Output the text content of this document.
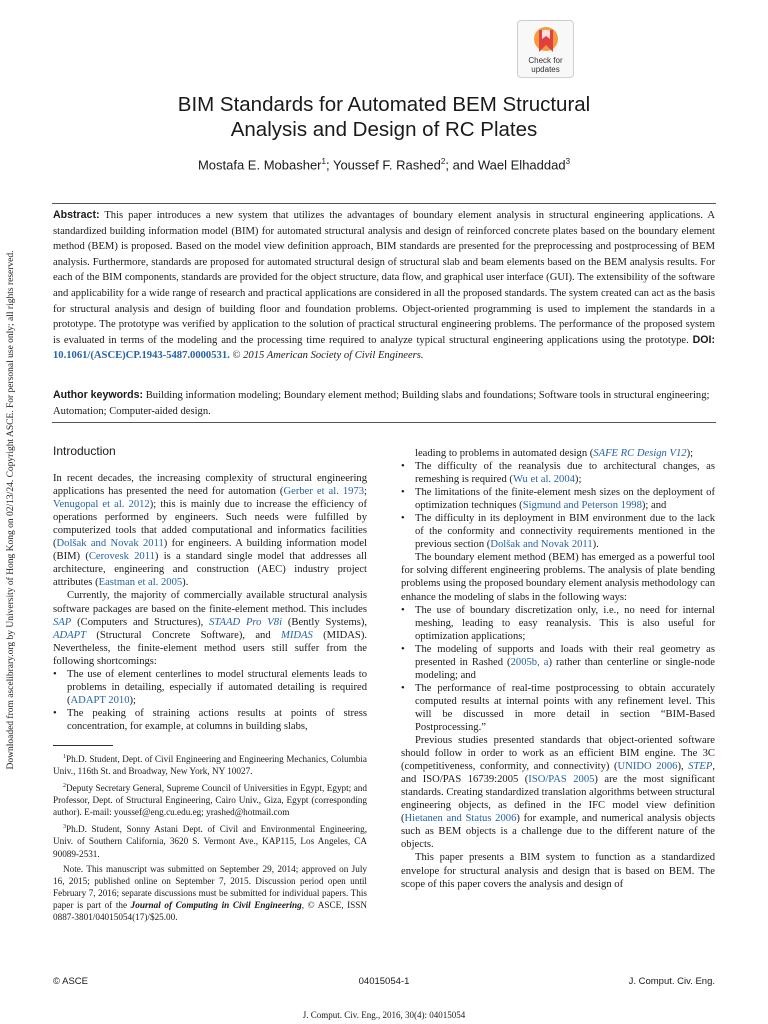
Downloaded from ascelibrary.org by University of Hong Kong on 02/13/24. Copyright ASCE. For personal use only; all rights reserved.
Check for
updates
BIM Standards for Automated BEM Structural
Analysis and Design of RC Plates
Mostafa E. Mobasher$^1$; Youssef F. Rashed$^2$; and Wael Elhaddad$^3$

Abstract: This paper introduces a new system that utilizes the advantages of boundary element analysis in structural engineering applications. A standardized building information model (BIM) for automated structural analysis and design of reinforced concrete plates based on the boundary element method (BEM) is proposed. Based on the model view definition approach, BIM standards are presented for the preprocessing and postprocessing of BEM analysis. Furthermore, standards are proposed for automated structural design of structural slab and beam elements based on the BEM analysis results. For each of the BIM components, standards are provided for the object structure, data flow, and graphical user interface (GUI). The extensibility of the software and applicability for a wide range of research and practical applications are considered in all the proposed standards. The system created can act as the basis for structural analysis and design of building floor and foundation problems. Object-oriented programming is used to implement the standards in a prototype. The prototype was verified by application to the solution of practical structural engineering problems. The performance of the proposed system is evaluated in terms of the modeling and the processing time required to analyze typical structural engineering applications using the prototype. DOI: 10.1061/(ASCE)CP.1943-5487.0000531. © 2015 American Society of Civil Engineers.

Author keywords: Building information modeling; Boundary element method; Building slabs and foundations; Software tools in structural engineering; Automation; Computer-aided design.

Introduction

In recent decades, the increasing complexity of structural engineering applications has presented the need for automation (Gerber et al. 1973; Venugopal et al. 2012); this is mainly due to increase the efficiency of operations performed by engineers. Such needs were fulfilled by computerized tools that added computational and informatics facilities (Dolšak and Novak 2011) for engineers. A building information model (BIM) (Cerovesk 2011) is a standard single model that addresses all architecture, engineering and construction (AEC) industry project attributes (Eastman et al. 2005).

Currently, the majority of commercially available structural analysis software packages are based on the finite-element method. This includes SAP (Computers and Structures), STAAD Pro V8i (Bently Systems), ADAPT (Structural Concrete Software), and MIDAS (MIDAS). Nevertheless, the finite-element method users still suffer from the following shortcomings:

• The use of element centerlines to model structural elements leads to problems in detailing, especially if automated detailing is required (ADAPT 2010);
• The peaking of straining actions results at points of stress concentration, for example, at columns in building slabs,

$^1$Ph.D. Student, Dept. of Civil Engineering and Engineering Mechanics, Columbia Univ., 116th St. and Broadway, New York, NY 10027.

$^2$Deputy Secretary General, Supreme Council of Universities in Egypt, Egypt; and Professor, Dept. of Structural Engineering, Cairo Univ., Giza, Egypt (corresponding author). E-mail: youssef@eng.cu.edu.eg; yrashed@hotmail.com

$^3$Ph.D. Student, Sonny Astani Dept. of Civil and Environmental Engineering, Univ. of Southern California, 3620 S. Vermont Ave., KAP115, Los Angeles, CA 90089-2531.

Note. This manuscript was submitted on September 29, 2014; approved on July 16, 2015; published online on September 7, 2015. Discussion period open until February 7, 2016; separate discussions must be submitted for individual papers. This paper is part of the Journal of Computing in Civil Engineering, © ASCE, ISSN 0887-3801/04015054(17)/$25.00.

leading to problems in automated design (SAFE RC Design V12);

• The difficulty of the reanalysis due to architectural changes, as remeshing is required (Wu et al. 2004);
• The limitations of the finite-element mesh sizes on the deployment of optimization techniques (Sigmund and Peterson 1998); and
• The difficulty in its deployment in BIM environment due to the lack of the conformity and connectivity requirements mentioned in the previous section (Dolšak and Novak 2011).

The boundary element method (BEM) has emerged as a powerful tool for solving different engineering problems. The analysis of plate bending problems using the proposed boundary element analysis methodology can enhance the modeling of slabs in the following ways:

• The use of boundary discretization only, i.e., no need for internal meshing, leading to easy reanalysis. This is also useful for optimization applications;
• The modeling of supports and loads with their real geometry as presented in Rashed (2005b, a) rather than centerline or single-node modeling; and
• The performance of real-time postprocessing to obtain accurately computed results at internal points with any refinement level. This will be discussed in more detail in section “BIM-Based Postprocessing.”

Previous studies presented standards that object-oriented software should follow in order to work as an efficient BIM engine. The 3C (competitiveness, conformity, and connectivity) (UNIDO 2006), STEP, and ISO/PAS 16739:2005 (ISO/PAS 2005) are the most significant standards. Creating standardized translation algorithms between structural engineering objects, as defined in the IFC model view definition (Hietanen and Status 2006) for example, and numerical analysis objects such as BEM objects is a challenge due to the different nature of the objects.

This paper presents a BIM system to function as a standardized envelope for structural analysis and design that is based on BEM. The scope of this paper covers the analysis and design of

© ASCE	04015054-1	J. Comput. Civ. Eng.
J. Comput. Civ. Eng., 2016, 30(4): 04015054
